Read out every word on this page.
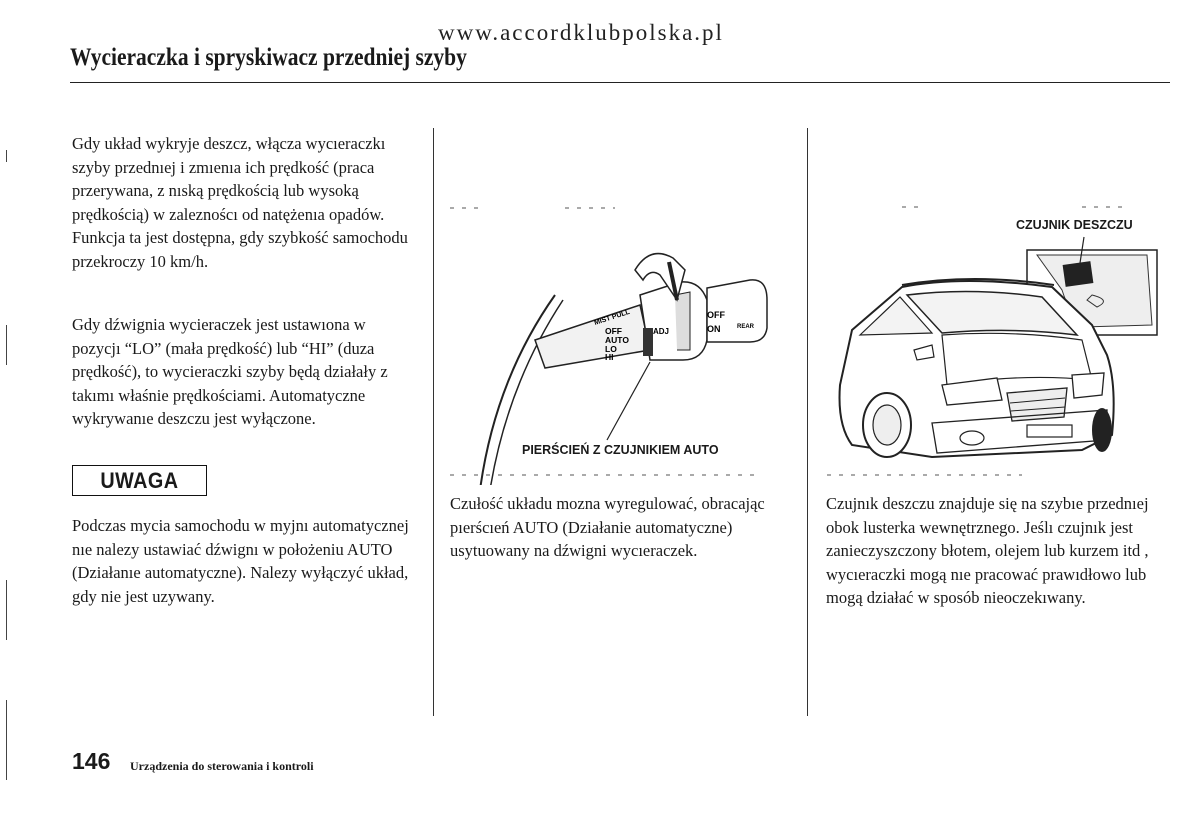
www.accordklubpolska.pl
Wycieraczka i spryskiwacz przedniej szyby
Gdy układ wykryje deszcz, włącza wycıeraczkı szyby przednıej i zmıenıa ich prędkość (praca przerywana, z nıską prędkością lub wysoką prędkością) w zaleznoścı od natężenıa opadów. Funkcja ta jest dostępna, gdy szybkość samochodu przekroczy 10 km/h.
Gdy dźwignia wycieraczek jest ustawıona w pozycjı “LO” (mała prędkość) lub “HI” (duza prędkość), to wycieraczki szyby będą działały z takımı właśnie prędkościami. Automatyczne wykrywanıe deszczu jest wyłączone.
UWAGA
Podczas mycia samochodu w myjnı automatycznej nıe nalezy ustawiać dźwignı w położeniu AUTO (Działanıe automatyczne). Nalezy wyłączyć układ, gdy nie jest uzywany.
MIST PULL
OFF
AUTO
LO
HI
ADJ
OFF
ON	REAR
PIERŚCIEŃ Z CZUJNIKIEM AUTO
Czułość układu mozna wyregulować, obracając pıerścıeń AUTO (Działanie automatyczne) usytuowany na dźwigni wycıeraczek.
CZUJNIK DESZCZU
Czujnık deszczu znajduje się na szybıe przednıej obok lusterka wewnętrznego. Jeślı czujnık jest zanieczyszczony błotem, olejem lub kurzem itd , wycıeraczki mogą nıe pracować prawıdłowo lub mogą działać w sposób nieoczekıwany.
146 Urządzenia do sterowania i kontroli
